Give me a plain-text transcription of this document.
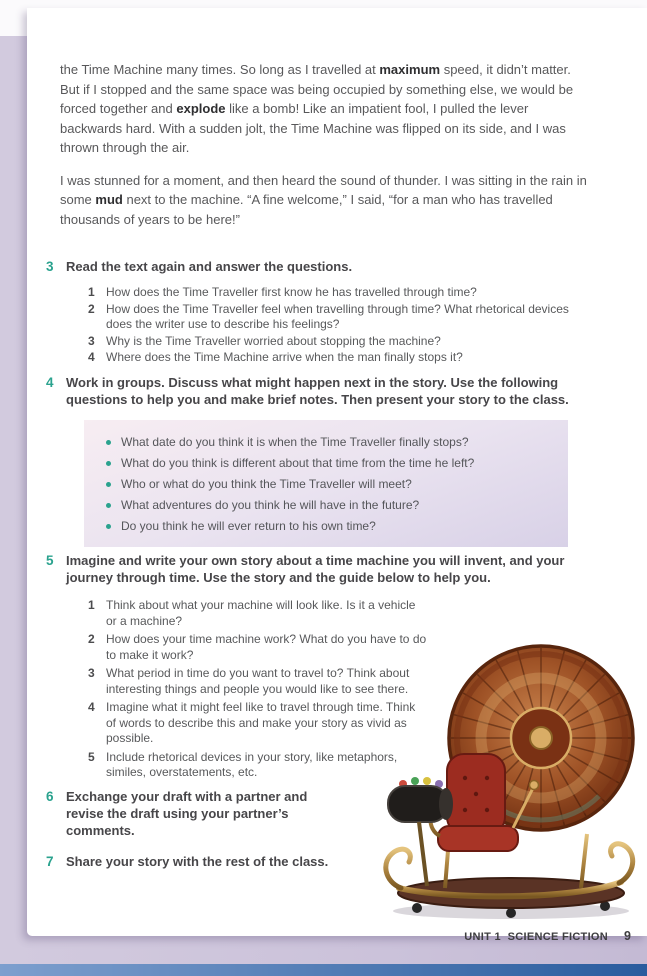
the Time Machine many times. So long as I travelled at maximum speed, it didn’t matter. But if I stopped and the same space was being occupied by something else, we would be forced together and explode like a bomb! Like an impatient fool, I pulled the lever backwards hard. With a sudden jolt, the Time Machine was flipped on its side, and I was thrown through the air.
I was stunned for a moment, and then heard the sound of thunder. I was sitting in the rain in some mud next to the machine. “A fine welcome,” I said, “for a man who has travelled thousands of years to be here!”
3 Read the text again and answer the questions.
1 How does the Time Traveller first know he has travelled through time?
2 How does the Time Traveller feel when travelling through time? What rhetorical devices does the writer use to describe his feelings?
3 Why is the Time Traveller worried about stopping the machine?
4 Where does the Time Machine arrive when the man finally stops it?
4 Work in groups. Discuss what might happen next in the story. Use the following questions to help you and make brief notes. Then present your story to the class.
What date do you think it is when the Time Traveller finally stops?
What do you think is different about that time from the time he left?
Who or what do you think the Time Traveller will meet?
What adventures do you think he will have in the future?
Do you think he will ever return to his own time?
5 Imagine and write your own story about a time machine you will invent, and your journey through time. Use the story and the guide below to help you.
1 Think about what your machine will look like. Is it a vehicle or a machine?
2 How does your time machine work? What do you have to do to make it work?
3 What period in time do you want to travel to? Think about interesting things and people you would like to see there.
4 Imagine what it might feel like to travel through time. Think of words to describe this and make your story as vivid as possible.
5 Include rhetorical devices in your story, like metaphors, similes, overstatements, etc.
6 Exchange your draft with a partner and revise the draft using your partner’s comments.
7 Share your story with the rest of the class.
UNIT 1  SCIENCE FICTION 9
